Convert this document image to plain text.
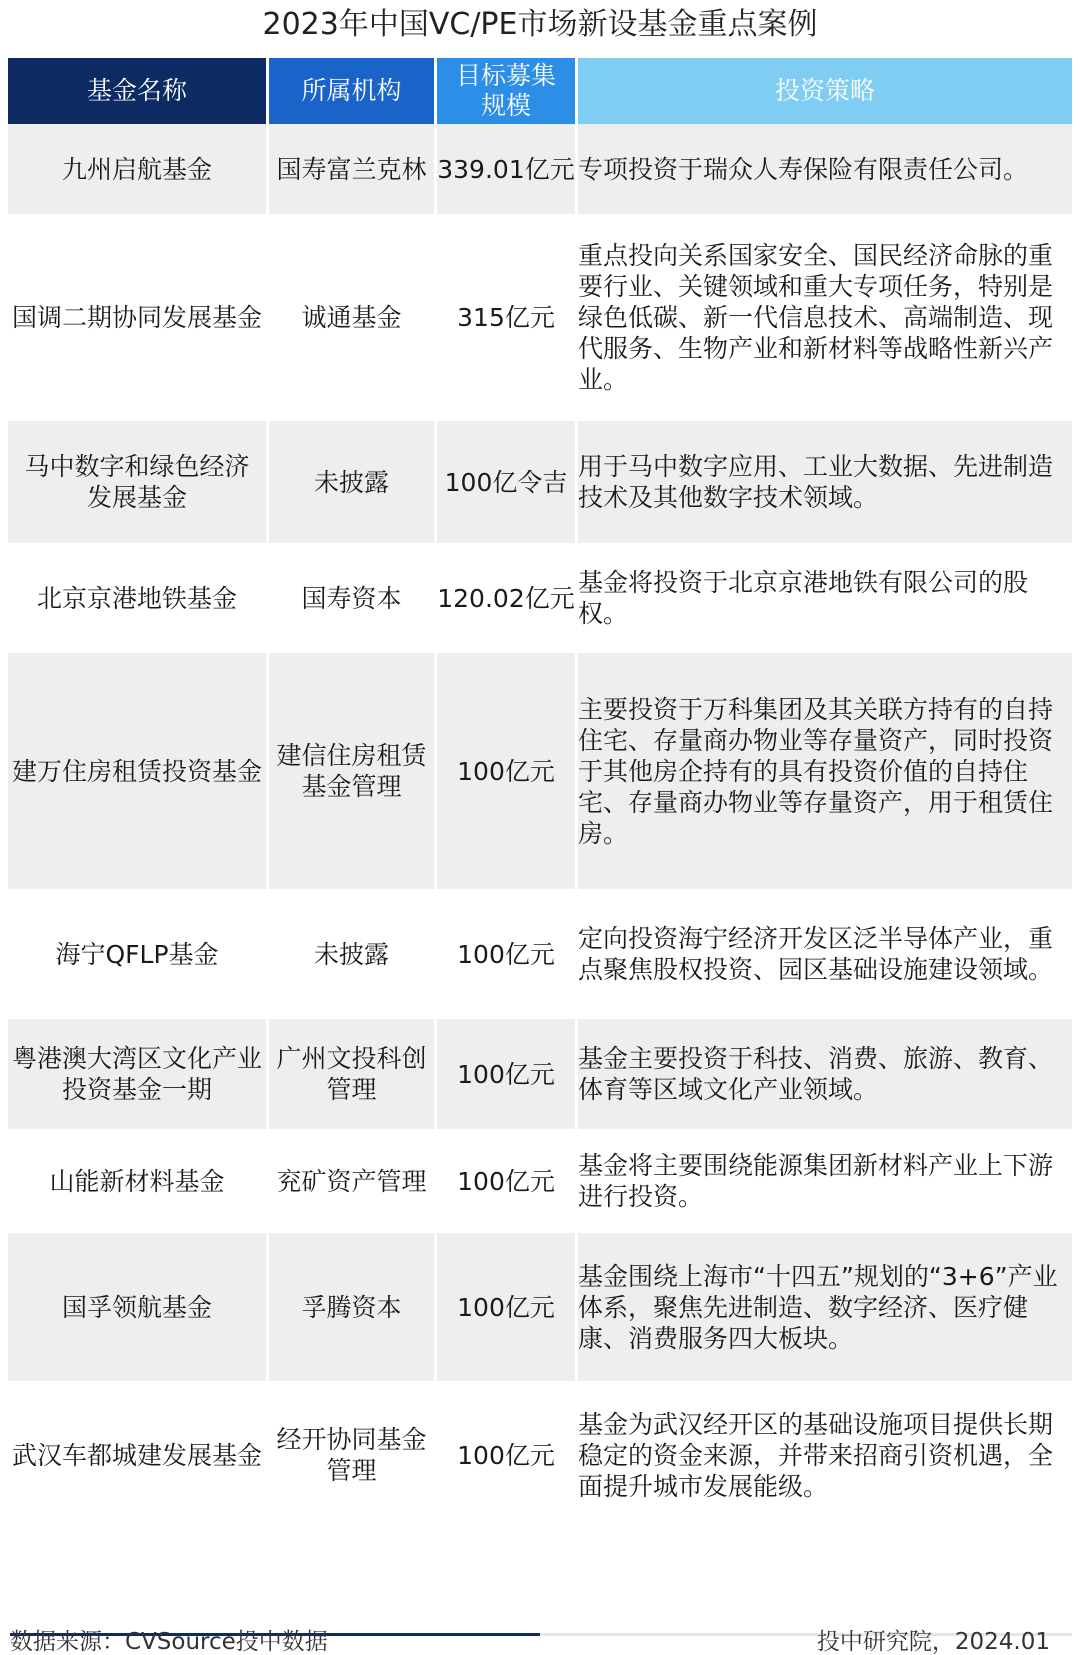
2023年中国VC/PE市场新设基金重点案例
基金名称	所属机构	目标募集规模	投资策略
九州启航基金	国寿富兰克林	339.01亿元	专项投资于瑞众人寿保险有限责任公司。
国调二期协同发展基金	诚通基金	315亿元	重点投向关系国家安全、国民经济命脉的重要行业、关键领域和重大专项任务，特别是绿色低碳、新一代信息技术、高端制造、现代服务、生物产业和新材料等战略性新兴产业。
马中数字和绿色经济发展基金	未披露	100亿令吉	用于马中数字应用、工业大数据、先进制造技术及其他数字技术领域。
北京京港地铁基金	国寿资本	120.02亿元	基金将投资于北京京港地铁有限公司的股权。
建万住房租赁投资基金	建信住房租赁基金管理	100亿元	主要投资于万科集团及其关联方持有的自持住宅、存量商办物业等存量资产，同时投资于其他房企持有的具有投资价值的自持住宅、存量商办物业等存量资产，用于租赁住房。
海宁QFLP基金	未披露	100亿元	定向投资海宁经济开发区泛半导体产业，重点聚焦股权投资、园区基础设施建设领域。
粤港澳大湾区文化产业投资基金一期	广州文投科创管理	100亿元	基金主要投资于科技、消费、旅游、教育、体育等区域文化产业领域。
山能新材料基金	兖矿资产管理	100亿元	基金将主要围绕能源集团新材料产业上下游进行投资。
国孚领航基金	孚腾资本	100亿元	基金围绕上海市“十四五”规划的“3+6”产业体系，聚焦先进制造、数字经济、医疗健康、消费服务四大板块。
武汉车都城建发展基金	经开协同基金管理	100亿元	基金为武汉经开区的基础设施项目提供长期稳定的资金来源，并带来招商引资机遇，全面提升城市发展能级。
数据来源：CVSource投中数据	投中研究院，2024.01
